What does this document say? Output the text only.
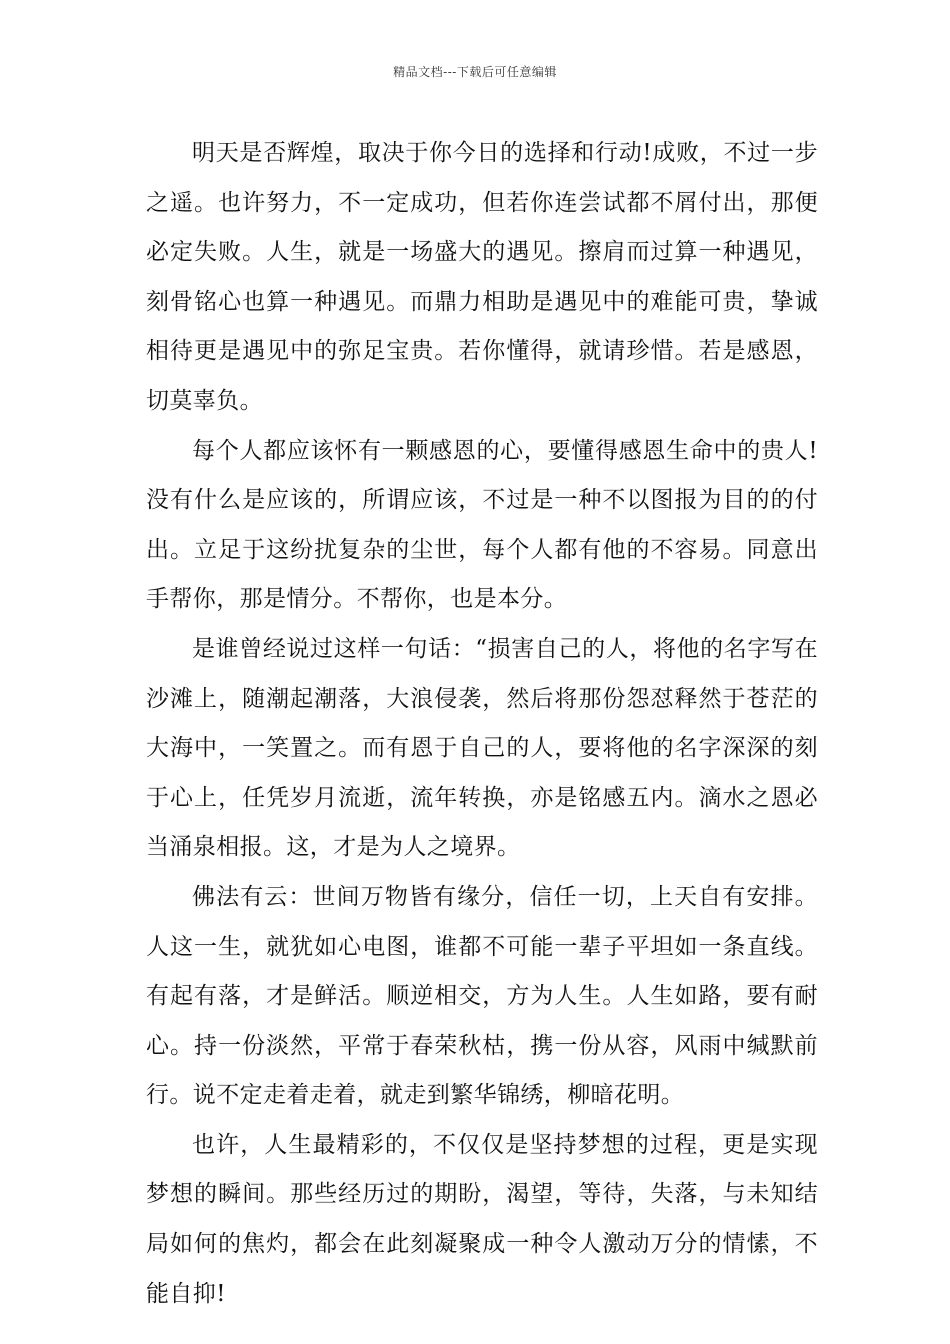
精品文档---下载后可任意编辑

明天是否辉煌，取决于你今日的选择和行动!成败，不过一步之遥。也许努力，不一定成功，但若你连尝试都不屑付出，那便必定失败。人生，就是一场盛大的遇见。擦肩而过算一种遇见，刻骨铭心也算一种遇见。而鼎力相助是遇见中的难能可贵，挚诚相待更是遇见中的弥足宝贵。若你懂得，就请珍惜。若是感恩，切莫辜负。

每个人都应该怀有一颗感恩的心，要懂得感恩生命中的贵人!没有什么是应该的，所谓应该，不过是一种不以图报为目的的付出。立足于这纷扰复杂的尘世，每个人都有他的不容易。同意出手帮你，那是情分。不帮你，也是本分。

是谁曾经说过这样一句话：“损害自己的人，将他的名字写在沙滩上，随潮起潮落，大浪侵袭，然后将那份怨怼释然于苍茫的大海中，一笑置之。而有恩于自己的人，要将他的名字深深的刻于心上，任凭岁月流逝，流年转换，亦是铭感五内。滴水之恩必当涌泉相报。这，才是为人之境界。

佛法有云：世间万物皆有缘分，信任一切，上天自有安排。人这一生，就犹如心电图，谁都不可能一辈子平坦如一条直线。有起有落，才是鲜活。顺逆相交，方为人生。人生如路，要有耐心。持一份淡然，平常于春荣秋枯，携一份从容，风雨中缄默前行。说不定走着走着，就走到繁华锦绣，柳暗花明。

也许，人生最精彩的，不仅仅是坚持梦想的过程，更是实现梦想的瞬间。那些经历过的期盼，渴望，等待，失落，与未知结局如何的焦灼，都会在此刻凝聚成一种令人激动万分的情愫，不能自抑!
